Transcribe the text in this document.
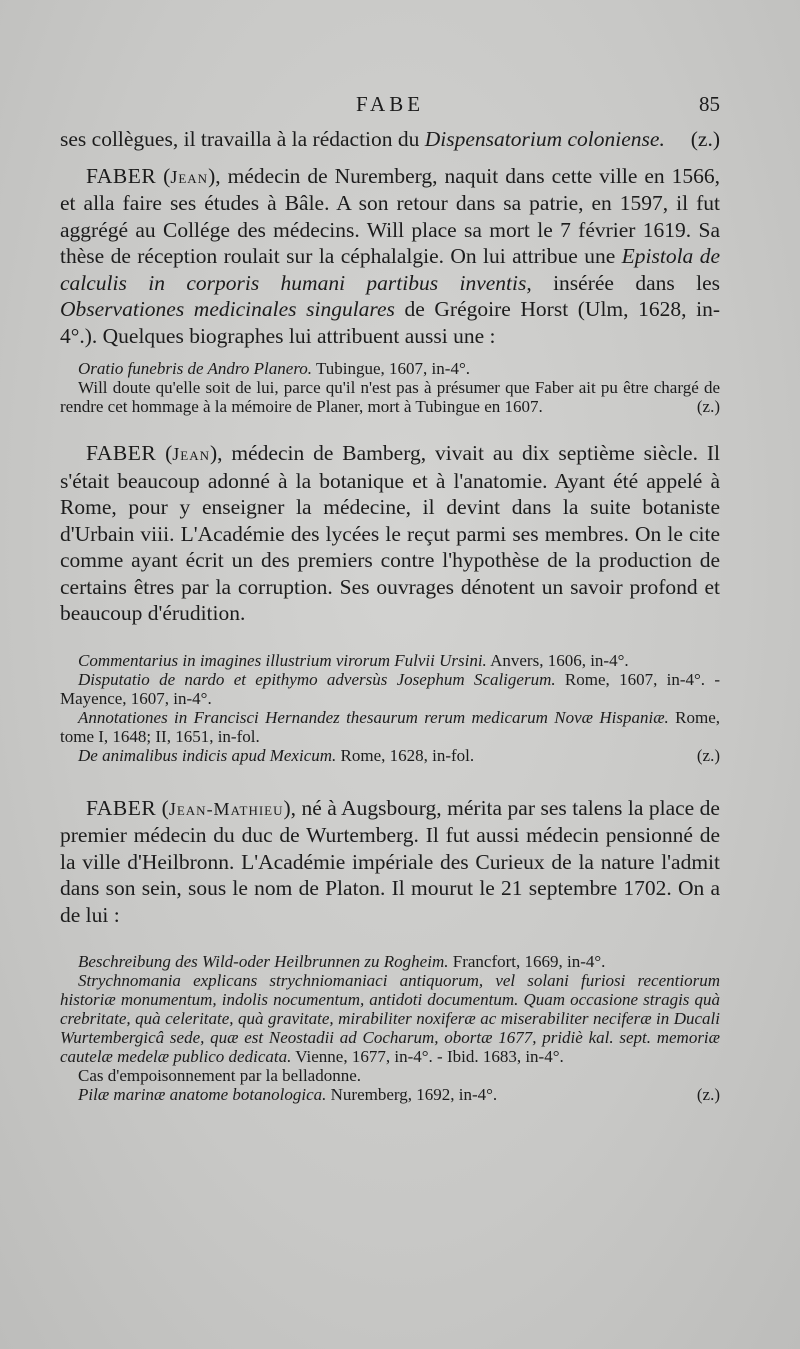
FABE	85

ses collègues, il travailla à la rédaction du Dispensatorium coloniense. (z.)

FABER (Jean), médecin de Nuremberg, naquit dans cette ville en 1566, et alla faire ses études à Bâle. A son retour dans sa patrie, en 1597, il fut aggrégé au Collége des médecins. Will place sa mort le 7 février 1619. Sa thèse de réception roulait sur la céphalalgie. On lui attribue une Epistola de calculis in corporis humani partibus inventis, insérée dans les Observationes medicinales singulares de Grégoire Horst (Ulm, 1628, in-4°.). Quelques biographes lui attribuent aussi une :

Oratio funebris de Andro Planero. Tubingue, 1607, in-4°.

Will doute qu'elle soit de lui, parce qu'il n'est pas à présumer que Faber ait pu être chargé de rendre cet hommage à la mémoire de Planer, mort à Tubingue en 1607.	(z.)

FABER (Jean), médecin de Bamberg, vivait au dix septième siècle. Il s'était beaucoup adonné à la botanique et à l'anatomie. Ayant été appelé à Rome, pour y enseigner la médecine, il devint dans la suite botaniste d'Urbain viii. L'Académie des lycées le reçut parmi ses membres. On le cite comme ayant écrit un des premiers contre l'hypothèse de la production de certains êtres par la corruption. Ses ouvrages dénotent un savoir profond et beaucoup d'érudition.

Commentarius in imagines illustrium virorum Fulvii Ursini. Anvers, 1606, in-4°.
Disputatio de nardo et epithymo adversùs Josephum Scaligerum. Rome, 1607, in-4°. - Mayence, 1607, in-4°.
Annotationes in Francisci Hernandez thesaurum rerum medicarum Novæ Hispaniæ. Rome, tome I, 1648; II, 1651, in-fol.
De animalibus indicis apud Mexicum. Rome, 1628, in-fol.	(z.)

FABER (Jean-Mathieu), né à Augsbourg, mérita par ses talens la place de premier médecin du duc de Wurtemberg. Il fut aussi médecin pensionné de la ville d'Heilbronn. L'Académie impériale des Curieux de la nature l'admit dans son sein, sous le nom de Platon. Il mourut le 21 septembre 1702. On a de lui :

Beschreibung des Wild-oder Heilbrunnen zu Rogheim. Francfort, 1669, in-4°.
Strychnomania explicans strychniomaniaci antiquorum, vel solani furiosi recentiorum historiæ monumentum, indolis nocumentum, antidoti documentum. Quam occasione stragis quà crebritate, quà celeritate, quà gravitate, mirabiliter noxiferæ ac miserabiliter neciferæ in Ducali Wurtembergicâ sede, quæ est Neostadii ad Cocharum, obortæ 1677, pridiè kal. sept. memoriæ cautelæ medelæ publico dedicata. Vienne, 1677, in-4°. - Ibid. 1683, in-4°.
Cas d'empoisonnement par la belladonne.
Pilæ marinæ anatome botanologica. Nuremberg, 1692, in-4°.	(z.)
